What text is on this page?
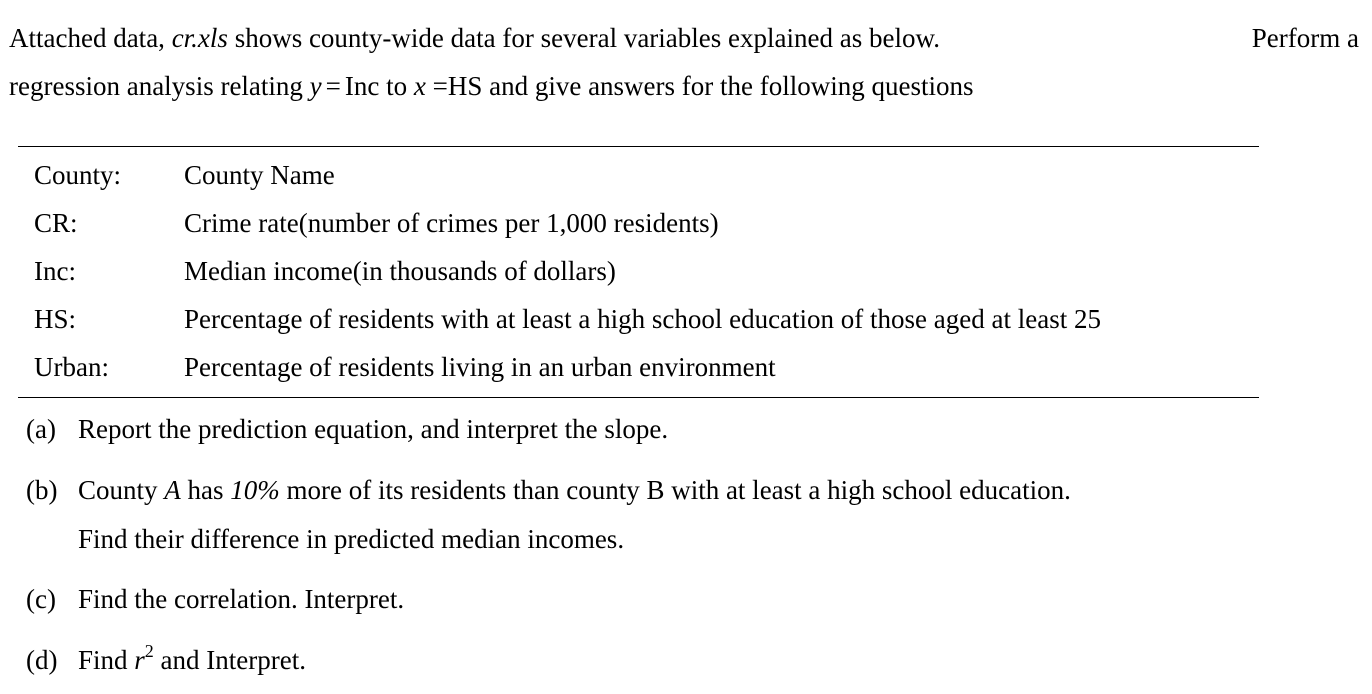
Attached data, cr.xls shows county-wide data for several variables explained as below.	Perform a
regression analysis relating y = Inc to x =HS and give answers for the following questions
County:	County Name
CR:	Crime rate(number of crimes per 1,000 residents)
Inc:	Median income(in thousands of dollars)
HS:	Percentage of residents with at least a high school education of those aged at least 25
Urban:	Percentage of residents living in an urban environment
(a) Report the prediction equation, and interpret the slope.
(b) County A has 10% more of its residents than county B with at least a high school education.
Find their difference in predicted median incomes.
(c) Find the correlation. Interpret.
(d) Find $r^2$ and Interpret.
